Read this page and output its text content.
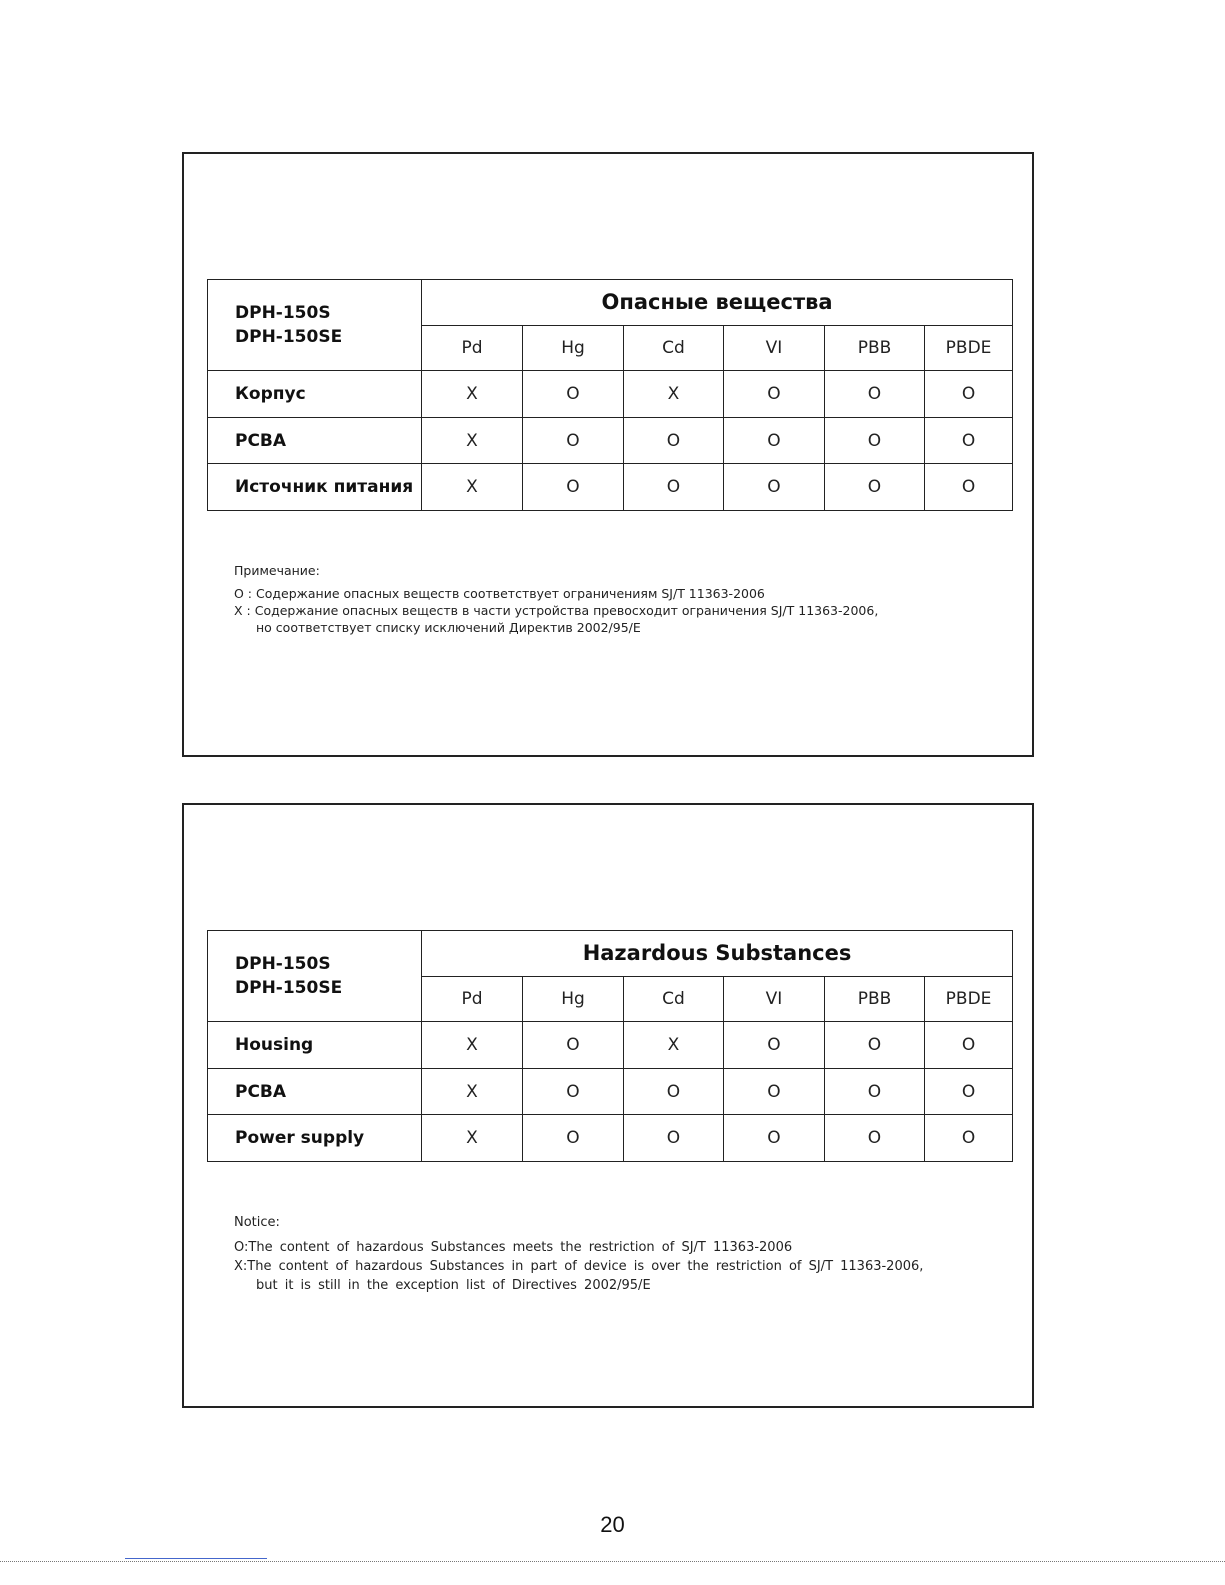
DPH-150S
DPH-150SE	Опасные вещества					
	Pd	Hg	Cd	VI	PBB	PBDE
Корпус	X	O	X	O	O	O
PCBA	X	O	O	O	O	O
Источник питания	X	O	O	O	O	O
Примечание:
O : Содержание опасных веществ соответствует ограничениям SJ/T 11363-2006
X : Содержание опасных веществ в части устройства превосходит ограничения SJ/T 11363-2006,
но соответствует списку исключений Директив 2002/95/E
DPH-150S
DPH-150SE	Hazardous Substances					
	Pd	Hg	Cd	VI	PBB	PBDE
Housing	X	O	X	O	O	O
PCBA	X	O	O	O	O	O
Power supply	X	O	O	O	O	O
Notice:
O:The content of hazardous Substances meets the restriction of SJ/T 11363-2006
X:The content of hazardous Substances in part of device is over the restriction of SJ/T 11363-2006,
but it is still in the exception list of Directives 2002/95/E
20
